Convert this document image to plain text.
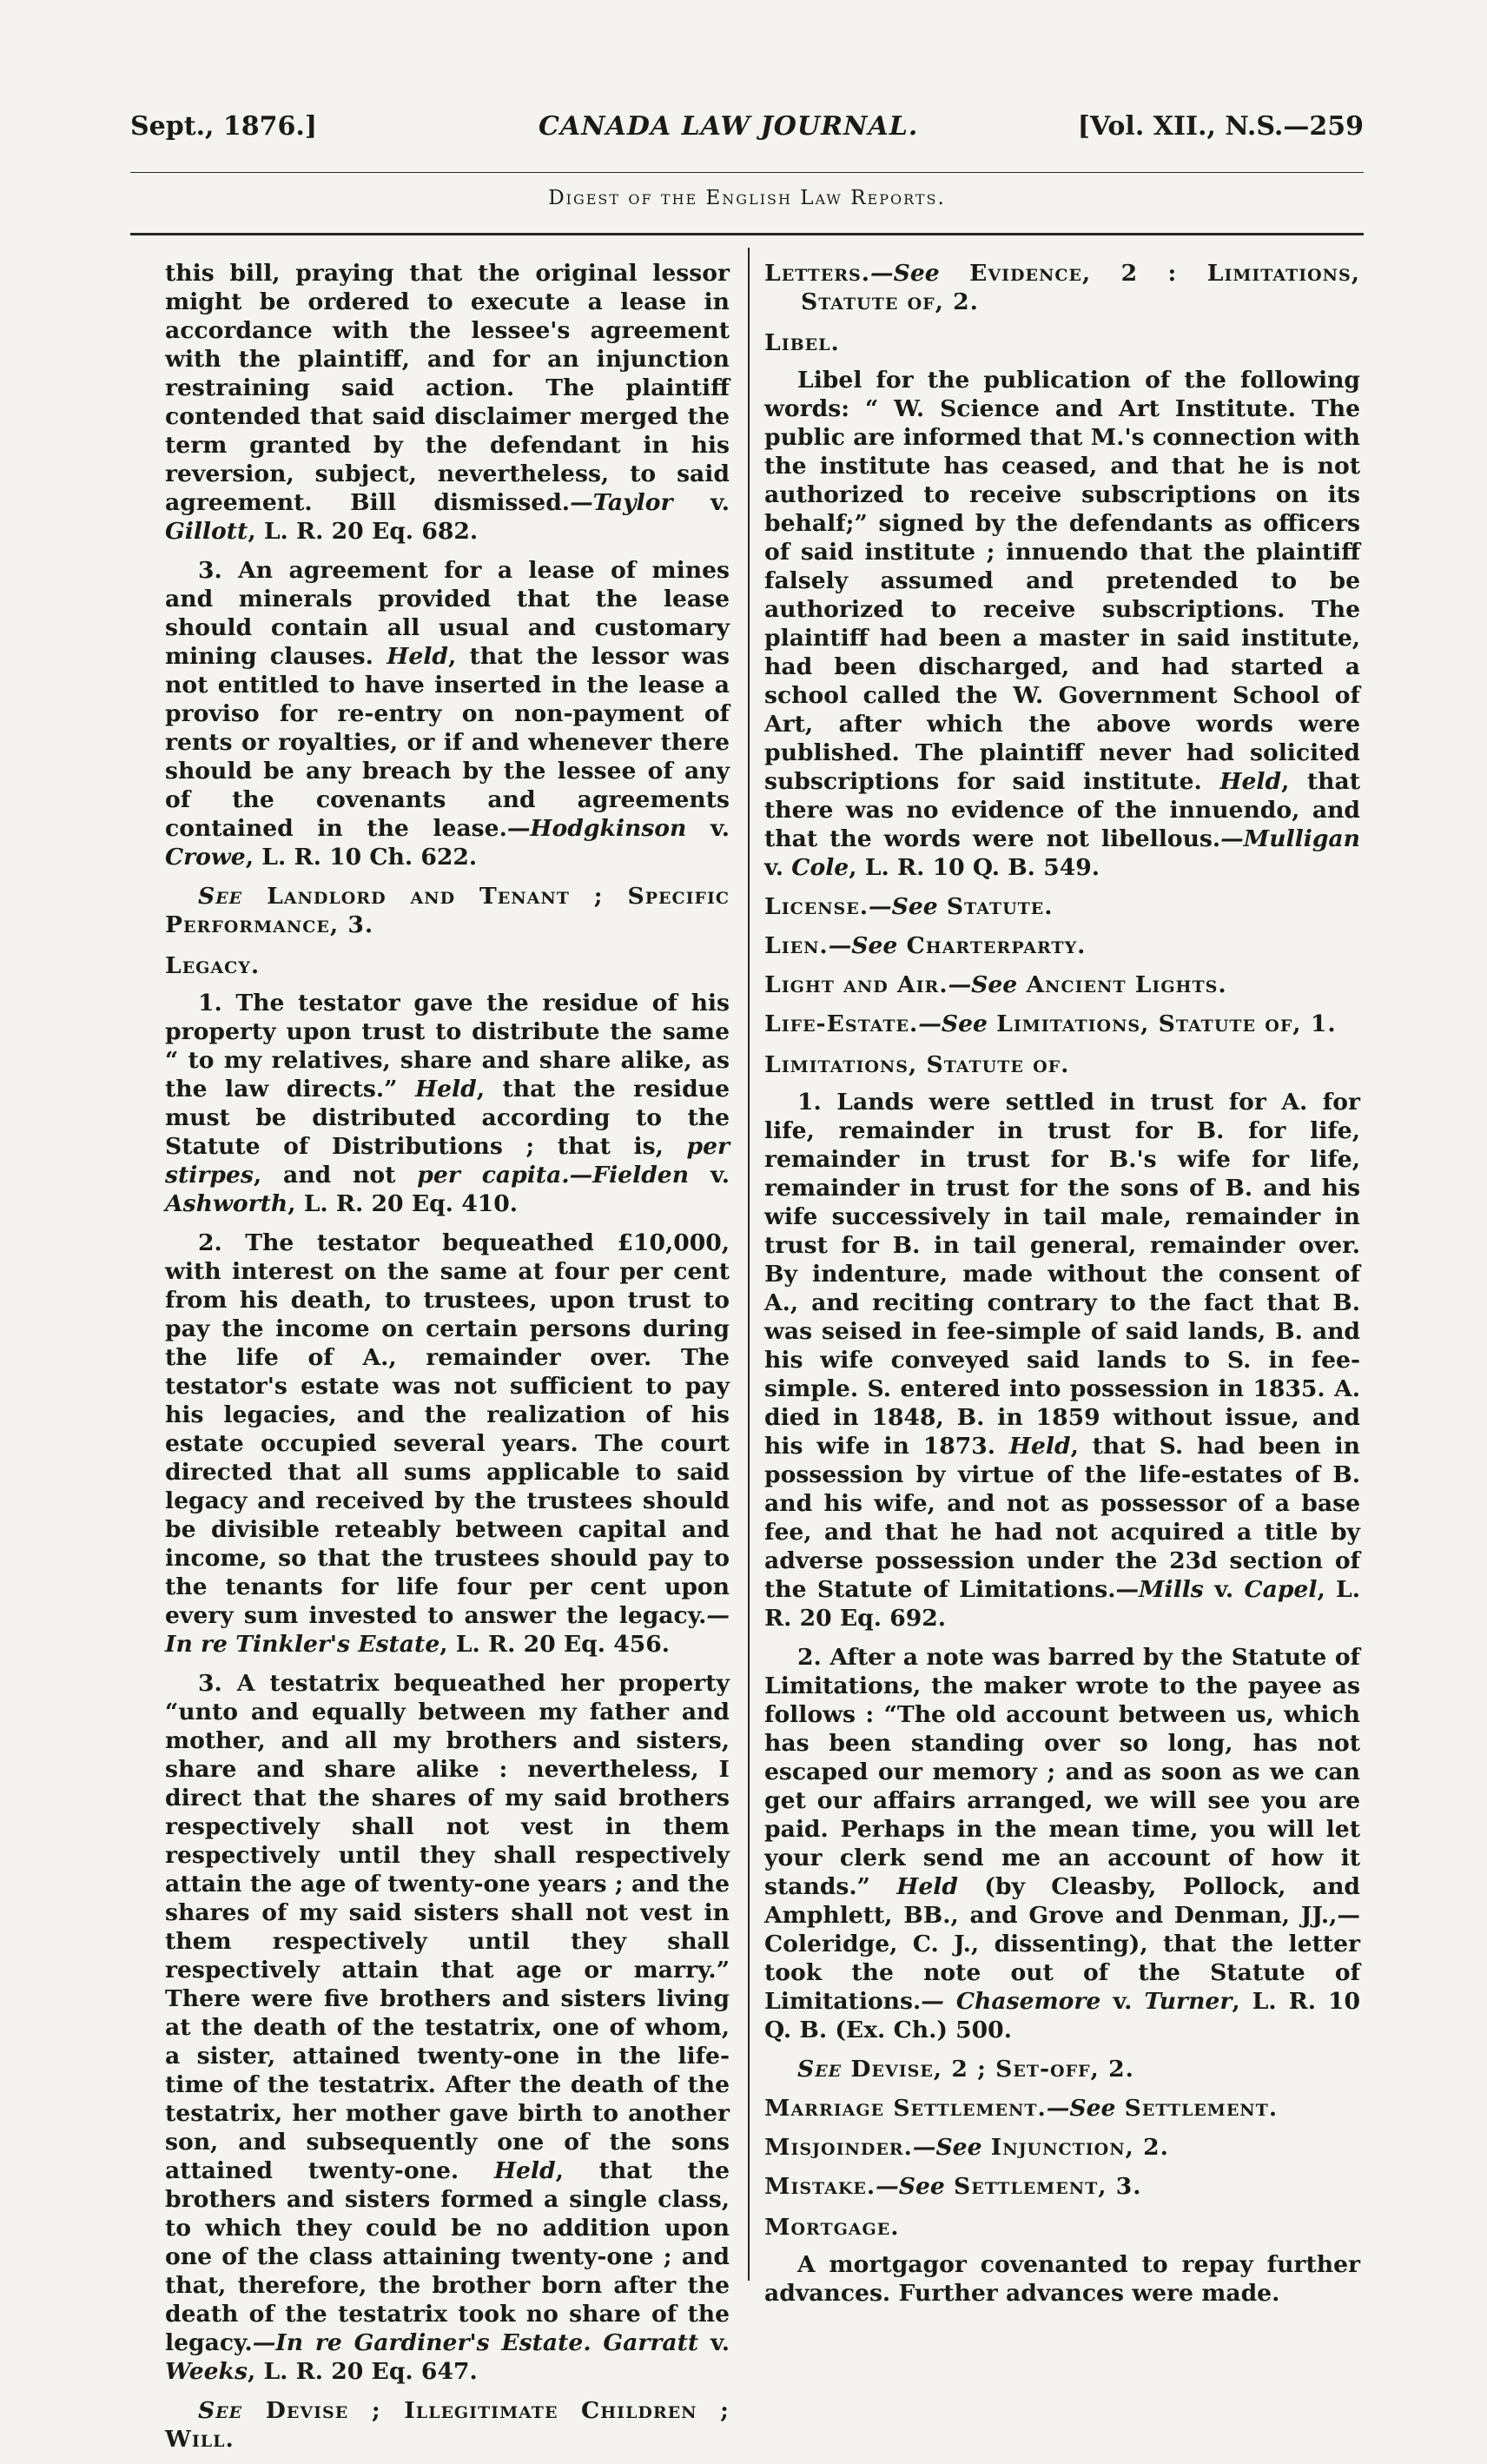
Sept., 1876.]	CANADA LAW JOURNAL.	[Vol. XII., N.S.—259
Digest of the English Law Reports.

this bill, praying that the original lessor might be ordered to execute a lease in accordance with the lessee's agreement with the plaintiff, and for an injunction restraining said action. The plaintiff contended that said disclaimer merged the term granted by the defendant in his reversion, subject, nevertheless, to said agreement. Bill dismissed.—Taylor v. Gillott, L. R. 20 Eq. 682.

3. An agreement for a lease of mines and minerals provided that the lease should contain all usual and customary mining clauses. Held, that the lessor was not entitled to have inserted in the lease a proviso for re-entry on non-payment of rents or royalties, or if and whenever there should be any breach by the lessee of any of the covenants and agreements contained in the lease.—Hodgkinson v. Crowe, L. R. 10 Ch. 622.

See Landlord and Tenant ; Specific Performance, 3.

Legacy.

1. The testator gave the residue of his property upon trust to distribute the same “ to my relatives, share and share alike, as the law directs.” Held, that the residue must be distributed according to the Statute of Distributions ; that is, per stirpes, and not per capita.—Fielden v. Ashworth, L. R. 20 Eq. 410.

2. The testator bequeathed £10,000, with interest on the same at four per cent from his death, to trustees, upon trust to pay the income on certain persons during the life of A., remainder over. The testator's estate was not sufficient to pay his legacies, and the realization of his estate occupied several years. The court directed that all sums applicable to said legacy and received by the trustees should be divisible reteably between capital and income, so that the trustees should pay to the tenants for life four per cent upon every sum invested to answer the legacy.—In re Tinkler's Estate, L. R. 20 Eq. 456.

3. A testatrix bequeathed her property “unto and equally between my father and mother, and all my brothers and sisters, share and share alike : nevertheless, I direct that the shares of my said brothers respectively shall not vest in them respectively until they shall respectively attain the age of twenty-one years ; and the shares of my said sisters shall not vest in them respectively until they shall respectively attain that age or marry.” There were five brothers and sisters living at the death of the testatrix, one of whom, a sister, attained twenty-one in the life-time of the testatrix. After the death of the testatrix, her mother gave birth to another son, and subsequently one of the sons attained twenty-one. Held, that the brothers and sisters formed a single class, to which they could be no addition upon one of the class attaining twenty-one ; and that, therefore, the brother born after the death of the testatrix took no share of the legacy.—In re Gardiner's Estate. Garratt v. Weeks, L. R. 20 Eq. 647.

See Devise ; Illegitimate Children ; Will.

Letters.—See Evidence, 2 : Limitations, Statute of, 2.

Libel.

Libel for the publication of the following words: “ W. Science and Art Institute. The public are informed that M.'s connection with the institute has ceased, and that he is not authorized to receive subscriptions on its behalf;” signed by the defendants as officers of said institute ; innuendo that the plaintiff falsely assumed and pretended to be authorized to receive subscriptions. The plaintiff had been a master in said institute, had been discharged, and had started a school called the W. Government School of Art, after which the above words were published. The plaintiff never had solicited subscriptions for said institute. Held, that there was no evidence of the innuendo, and that the words were not libellous.—Mulligan v. Cole, L. R. 10 Q. B. 549.

License.—See Statute.

Lien.—See Charterparty.

Light and Air.—See Ancient Lights.

Life-Estate.—See Limitations, Statute of, 1.

Limitations, Statute of.

1. Lands were settled in trust for A. for life, remainder in trust for B. for life, remainder in trust for B.'s wife for life, remainder in trust for the sons of B. and his wife successively in tail male, remainder in trust for B. in tail general, remainder over. By indenture, made without the consent of A., and reciting contrary to the fact that B. was seised in fee-simple of said lands, B. and his wife conveyed said lands to S. in fee-simple. S. entered into possession in 1835. A. died in 1848, B. in 1859 without issue, and his wife in 1873. Held, that S. had been in possession by virtue of the life-estates of B. and his wife, and not as possessor of a base fee, and that he had not acquired a title by adverse possession under the 23d section of the Statute of Limitations.—Mills v. Capel, L. R. 20 Eq. 692.

2. After a note was barred by the Statute of Limitations, the maker wrote to the payee as follows : “The old account between us, which has been standing over so long, has not escaped our memory ; and as soon as we can get our affairs arranged, we will see you are paid. Perhaps in the mean time, you will let your clerk send me an account of how it stands.” Held (by Cleasby, Pollock, and Amphlett, BB., and Grove and Denman, JJ.,—Coleridge, C. J., dissenting), that the letter took the note out of the Statute of Limitations.— Chasemore v. Turner, L. R. 10 Q. B. (Ex. Ch.) 500.

See Devise, 2 ; Set-off, 2.

Marriage Settlement.—See Settlement.

Misjoinder.—See Injunction, 2.

Mistake.—See Settlement, 3.

Mortgage.

A mortgagor covenanted to repay further advances. Further advances were made.
